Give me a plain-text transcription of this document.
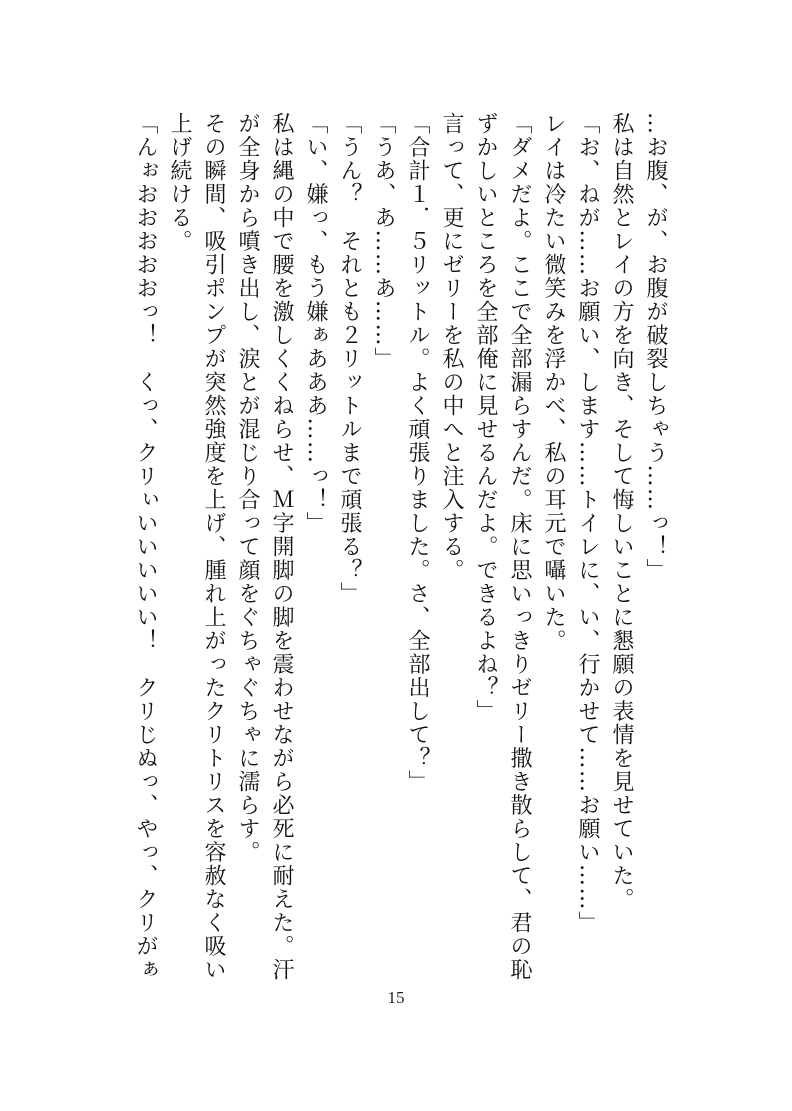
…お腹、が、お腹が破裂しちゃう……っ！」

私は自然とレイの方を向き、そして悔しいことに懇願の表情を見せていた。

「お、ねが……お願い、します……トイレに、い、行かせて……お願い……」

レイは冷たい微笑みを浮かべ、私の耳元で囁いた。

「ダメだよ。ここで全部漏らすんだ。床に思いっきりゼリー撒き散らして、君の恥ずかしいところを全部俺に見せるんだよ。できるよね？」

言って、更にゼリーを私の中へと注入する。

「合計１．５リットル。よく頑張りました。さ、全部出して？」

「うあ、あ……あ……」

「うん？　それとも２リットルまで頑張る？」

「い、嫌っ、もう嫌ぁあああ……っ！」

私は縄の中で腰を激しくくねらせ、Ｍ字開脚の脚を震わせながら必死に耐えた。汗が全身から噴き出し、涙とが混じり合って顔をぐちゃぐちゃに濡らす。

その瞬間、吸引ポンプが突然強度を上げ、腫れ上がったクリトリスを容赦なく吸い上げ続ける。

「んぉおおおおおっ！　くっ、クリぃいいいいい！　クリじぬっ、やっ、クリがぁ

15
